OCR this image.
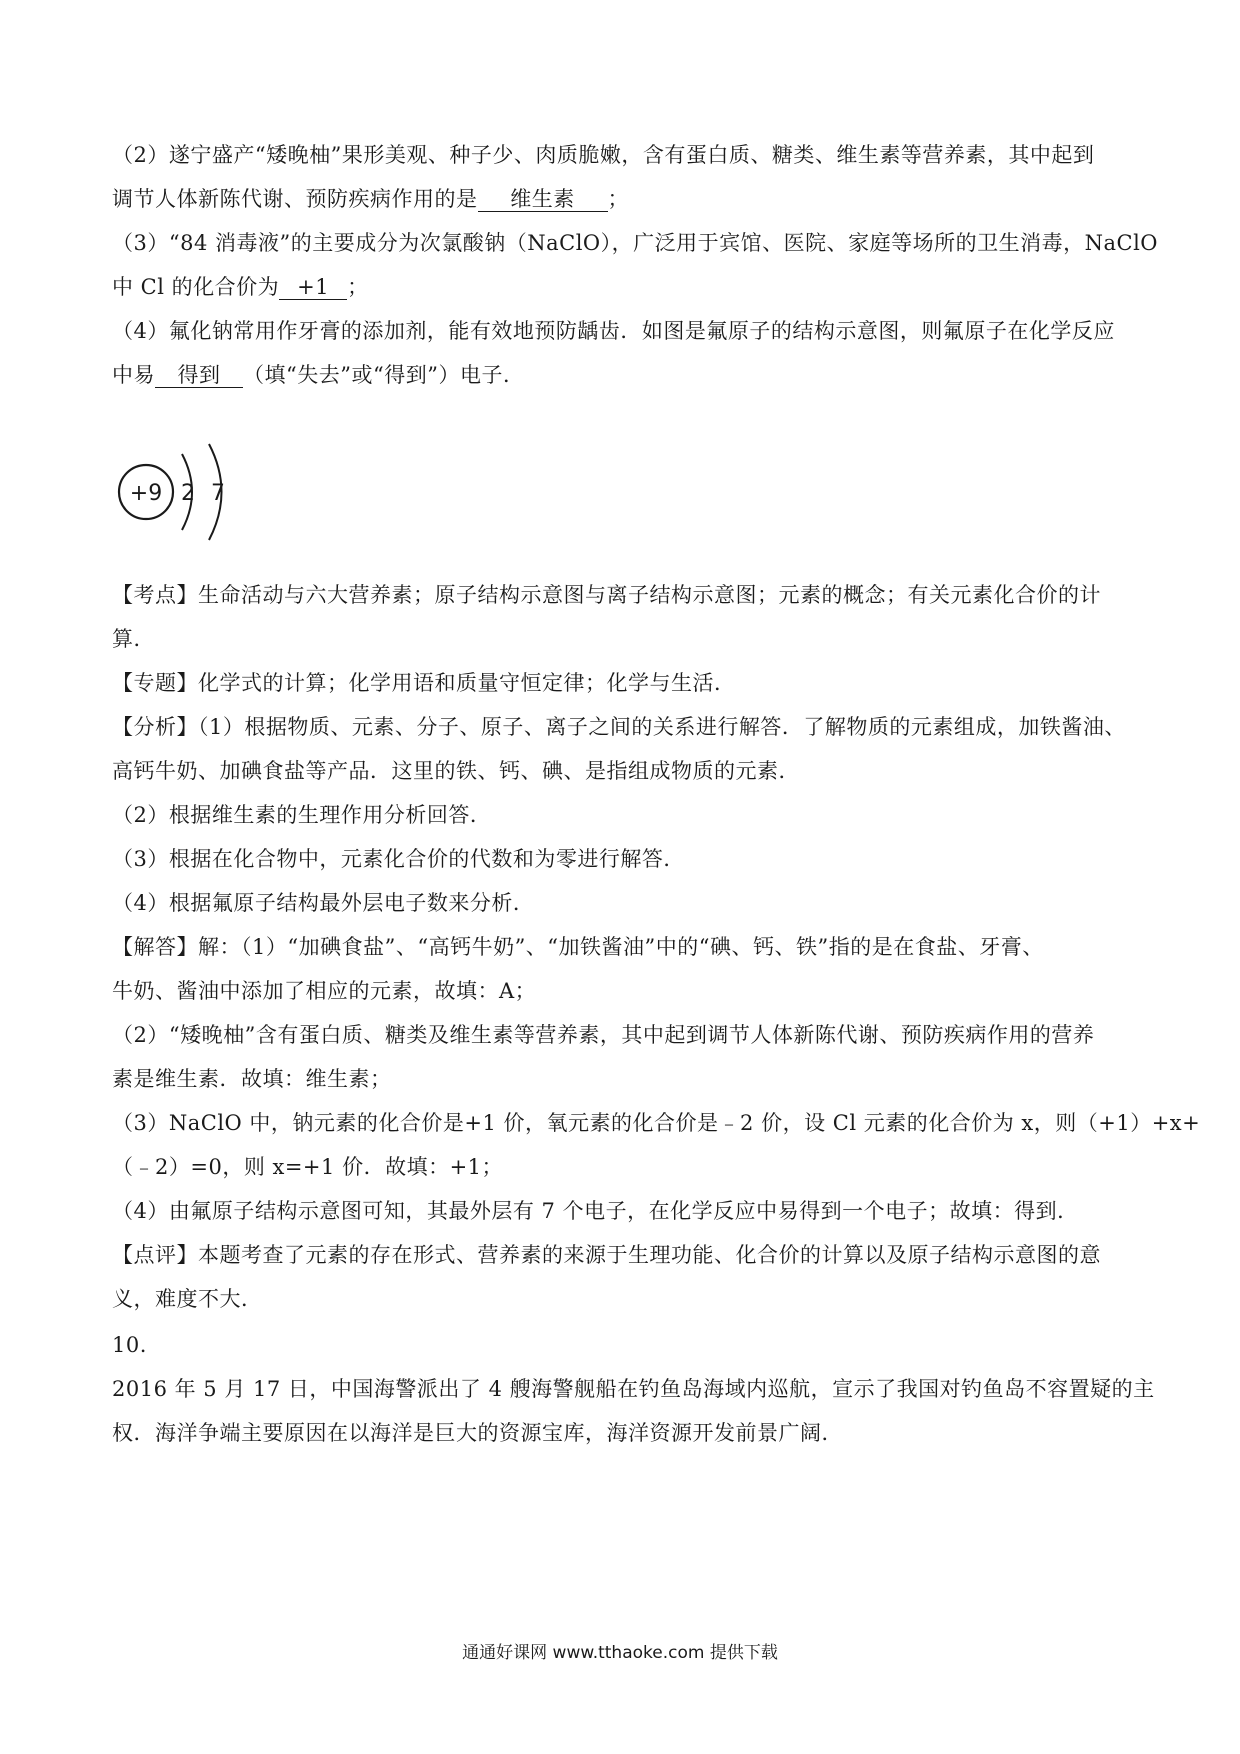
（2）遂宁盛产“矮晚柚”果形美观、种子少、肉质脆嫩，含有蛋白质、糖类、维生素等营养素，其中起到
调节人体新陈代谢、预防疾病作用的是 维生素 ；
（3）“84 消毒液”的主要成分为次氯酸钠（NaClO），广泛用于宾馆、医院、家庭等场所的卫生消毒，NaClO
中 Cl 的化合价为 +1 ；
（4）氟化钠常用作牙膏的添加剂，能有效地预防龋齿．如图是氟原子的结构示意图，则氟原子在化学反应
中易 得到 （填“失去”或“得到”）电子．
+9 2 7
【考点】生命活动与六大营养素；原子结构示意图与离子结构示意图；元素的概念；有关元素化合价的计
算．
【专题】化学式的计算；化学用语和质量守恒定律；化学与生活．
【分析】（1）根据物质、元素、分子、原子、离子之间的关系进行解答．了解物质的元素组成，加铁酱油、
高钙牛奶、加碘食盐等产品．这里的铁、钙、碘、是指组成物质的元素．
（2）根据维生素的生理作用分析回答．
（3）根据在化合物中，元素化合价的代数和为零进行解答．
（4）根据氟原子结构最外层电子数来分析．
【解答】解：（1）“加碘食盐”、“高钙牛奶”、“加铁酱油”中的“碘、钙、铁”指的是在食盐、牙膏、
牛奶、酱油中添加了相应的元素，故填：A；
（2）“矮晚柚”含有蛋白质、糖类及维生素等营养素，其中起到调节人体新陈代谢、预防疾病作用的营养
素是维生素．故填：维生素；
（3）NaClO 中，钠元素的化合价是+1 价，氧元素的化合价是﹣2 价，设 Cl 元素的化合价为 x，则（+1）+x+
（﹣2）=0，则 x=+1 价．故填：+1；
（4）由氟原子结构示意图可知，其最外层有 7 个电子，在化学反应中易得到一个电子；故填：得到．
【点评】本题考查了元素的存在形式、营养素的来源于生理功能、化合价的计算以及原子结构示意图的意
义，难度不大．
10.
2016 年 5 月 17 日，中国海警派出了 4 艘海警舰船在钓鱼岛海域内巡航，宣示了我国对钓鱼岛不容置疑的主
权．海洋争端主要原因在以海洋是巨大的资源宝库，海洋资源开发前景广阔．
通通好课网 www.tthaoke.com 提供下载
